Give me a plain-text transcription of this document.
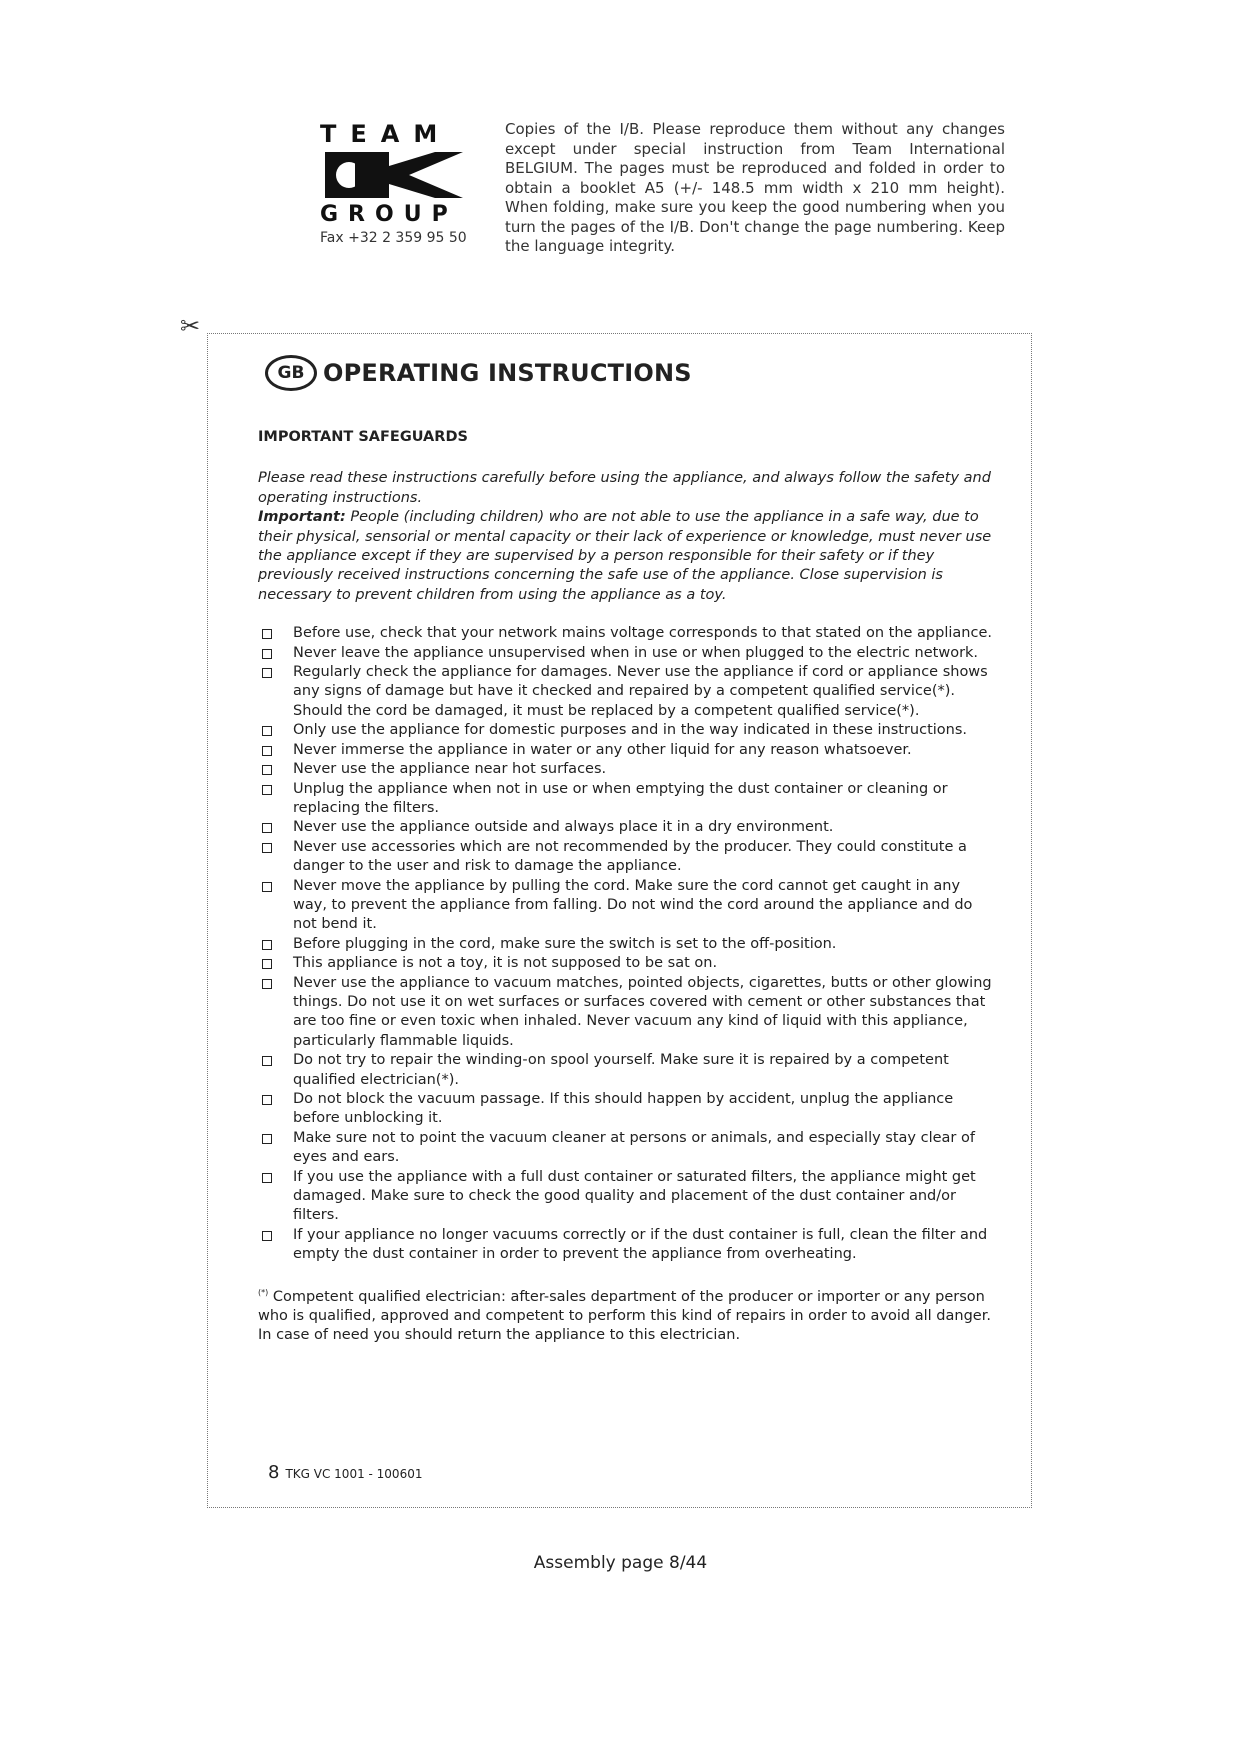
TEAM
GROUP
Fax +32 2 359 95 50
Copies of the I/B. Please reproduce them without any changes except under special instruction from Team International BELGIUM. The pages must be reproduced and folded in order to obtain a booklet A5 (+/- 148.5 mm width x 210 mm height). When folding, make sure you keep the good numbering when you turn the pages of the I/B. Don't change the page numbering. Keep the language integrity.
✂
GB OPERATING INSTRUCTIONS
IMPORTANT SAFEGUARDS
Please read these instructions carefully before using the appliance, and always follow the safety and operating instructions.
Important: People (including children) who are not able to use the appliance in a safe way, due to their physical, sensorial or mental capacity or their lack of experience or knowledge, must never use the appliance except if they are supervised by a person responsible for their safety or if they previously received instructions concerning the safe use of the appliance. Close supervision is necessary to prevent children from using the appliance as a toy.
Before use, check that your network mains voltage corresponds to that stated on the appliance.
Never leave the appliance unsupervised when in use or when plugged to the electric network.
Regularly check the appliance for damages. Never use the appliance if cord or appliance shows any signs of damage but have it checked and repaired by a competent qualified service(*). Should the cord be damaged, it must be replaced by a competent qualified service(*).
Only use the appliance for domestic purposes and in the way indicated in these instructions.
Never immerse the appliance in water or any other liquid for any reason whatsoever.
Never use the appliance near hot surfaces.
Unplug the appliance when not in use or when emptying the dust container or cleaning or replacing the filters.
Never use the appliance outside and always place it in a dry environment.
Never use accessories which are not recommended by the producer. They could constitute a danger to the user and risk to damage the appliance.
Never move the appliance by pulling the cord. Make sure the cord cannot get caught in any way, to prevent the appliance from falling. Do not wind the cord around the appliance and do not bend it.
Before plugging in the cord, make sure the switch is set to the off-position.
This appliance is not a toy, it is not supposed to be sat on.
Never use the appliance to vacuum matches, pointed objects, cigarettes, butts or other glowing things. Do not use it on wet surfaces or surfaces covered with cement or other substances that are too fine or even toxic when inhaled. Never vacuum any kind of liquid with this appliance, particularly flammable liquids.
Do not try to repair the winding-on spool yourself. Make sure it is repaired by a competent qualified electrician(*).
Do not block the vacuum passage. If this should happen by accident, unplug the appliance before unblocking it.
Make sure not to point the vacuum cleaner at persons or animals, and especially stay clear of eyes and ears.
If you use the appliance with a full dust container or saturated filters, the appliance might get damaged. Make sure to check the good quality and placement of the dust container and/or filters.
If your appliance no longer vacuums correctly or if the dust container is full, clean the filter and empty the dust container in order to prevent the appliance from overheating.
(*) Competent qualified electrician: after-sales department of the producer or importer or any person who is qualified, approved and competent to perform this kind of repairs in order to avoid all danger. In case of need you should return the appliance to this electrician.
8 TKG VC 1001 - 100601
Assembly page 8/44
